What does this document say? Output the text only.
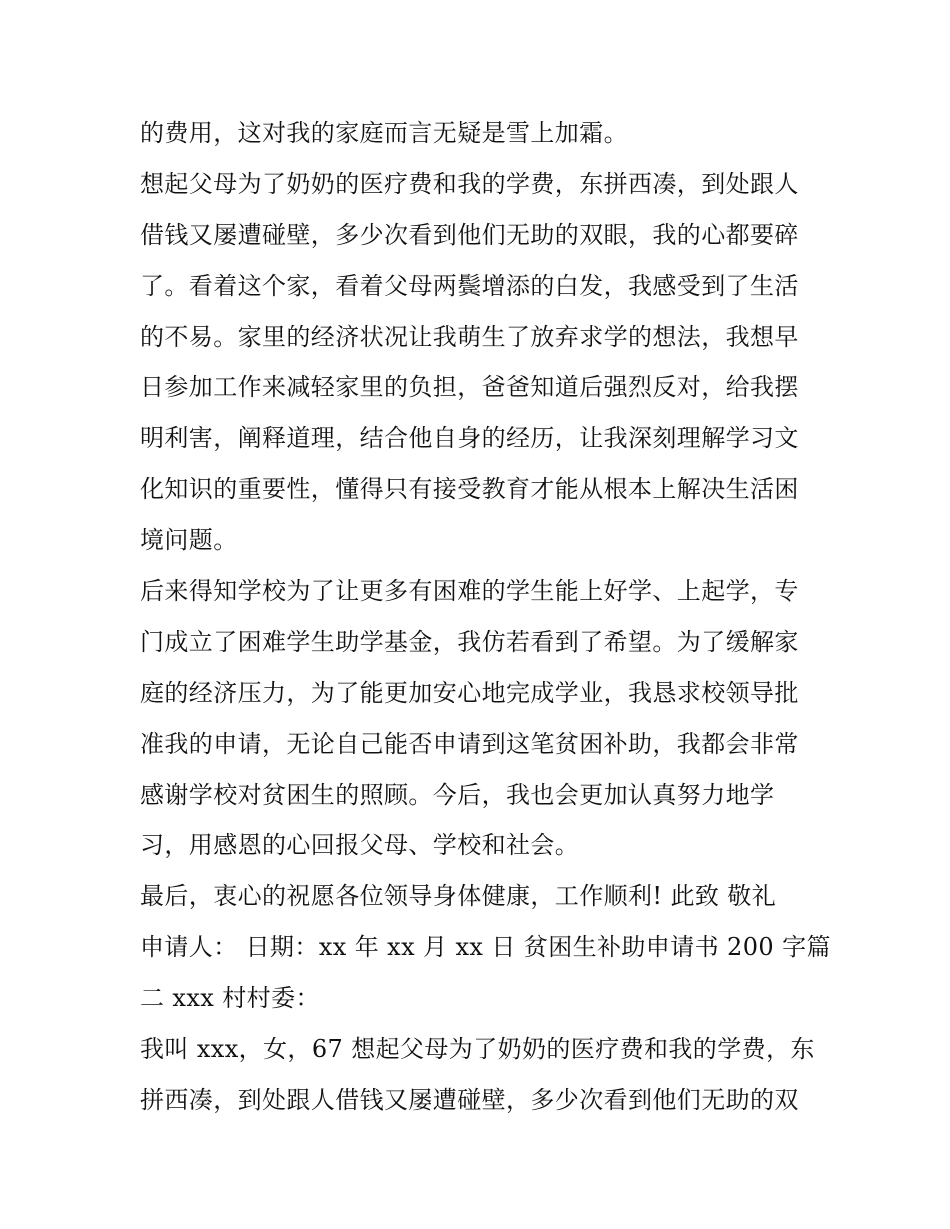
的费用，这对我的家庭而言无疑是雪上加霜。
想起父母为了奶奶的医疗费和我的学费，东拼西凑，到处跟人
借钱又屡遭碰壁，多少次看到他们无助的双眼，我的心都要碎
了。看着这个家，看着父母两鬓增添的白发，我感受到了生活
的不易。家里的经济状况让我萌生了放弃求学的想法，我想早
日参加工作来减轻家里的负担，爸爸知道后强烈反对，给我摆
明利害，阐释道理，结合他自身的经历，让我深刻理解学习文
化知识的重要性，懂得只有接受教育才能从根本上解决生活困
境问题。
后来得知学校为了让更多有困难的学生能上好学、上起学，专
门成立了困难学生助学基金，我仿若看到了希望。为了缓解家
庭的经济压力，为了能更加安心地完成学业，我恳求校领导批
准我的申请，无论自己能否申请到这笔贫困补助，我都会非常
感谢学校对贫困生的照顾。今后，我也会更加认真努力地学
习，用感恩的心回报父母、学校和社会。
最后，衷心的祝愿各位领导身体健康，工作顺利! 此致 敬礼
申请人： 日期：xx 年 xx 月 xx 日 贫困生补助申请书 200 字篇
二 xxx 村村委：
我叫 xxx，女，67 想起父母为了奶奶的医疗费和我的学费，东
拼西凑，到处跟人借钱又屡遭碰壁，多少次看到他们无助的双
